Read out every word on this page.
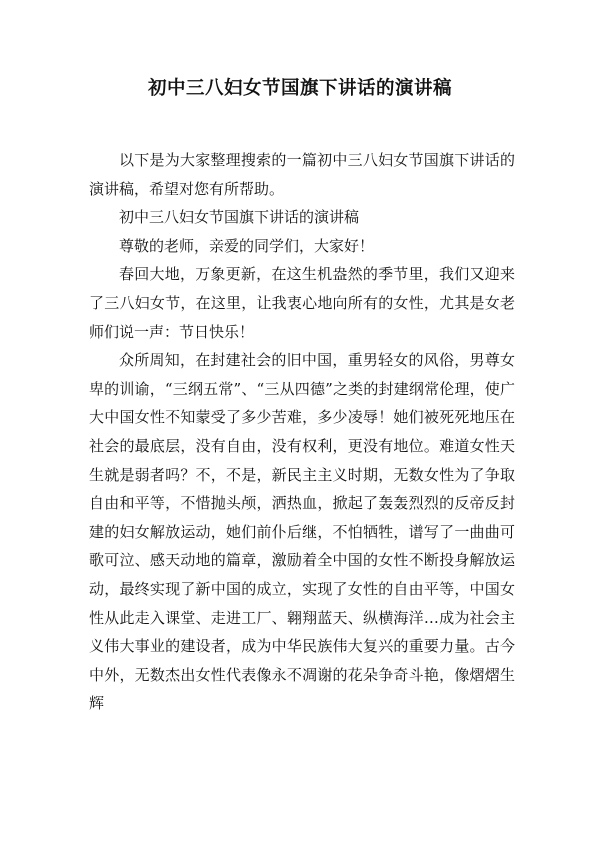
初中三八妇女节国旗下讲话的演讲稿

以下是为大家整理搜索的一篇初中三八妇女节国旗下讲话的演讲稿，希望对您有所帮助。

初中三八妇女节国旗下讲话的演讲稿

尊敬的老师，亲爱的同学们，大家好！

春回大地，万象更新，在这生机盎然的季节里，我们又迎来了三八妇女节，在这里，让我衷心地向所有的女性，尤其是女老师们说一声：节日快乐！

众所周知，在封建社会的旧中国，重男轻女的风俗，男尊女卑的训谕，“三纲五常”、“三从四德”之类的封建纲常伦理，使广大中国女性不知蒙受了多少苦难，多少凌辱！她们被死死地压在社会的最底层，没有自由，没有权利，更没有地位。难道女性天生就是弱者吗？不，不是，新民主主义时期，无数女性为了争取自由和平等，不惜抛头颅，洒热血，掀起了轰轰烈烈的反帝反封建的妇女解放运动，她们前仆后继，不怕牺牲，谱写了一曲曲可歌可泣、感天动地的篇章，激励着全中国的女性不断投身解放运动，最终实现了新中国的成立，实现了女性的自由平等，中国女性从此走入课堂、走进工厂、翱翔蓝天、纵横海洋…成为社会主义伟大事业的建设者，成为中华民族伟大复兴的重要力量。古今中外，无数杰出女性代表像永不凋谢的花朵争奇斗艳，像熠熠生辉
